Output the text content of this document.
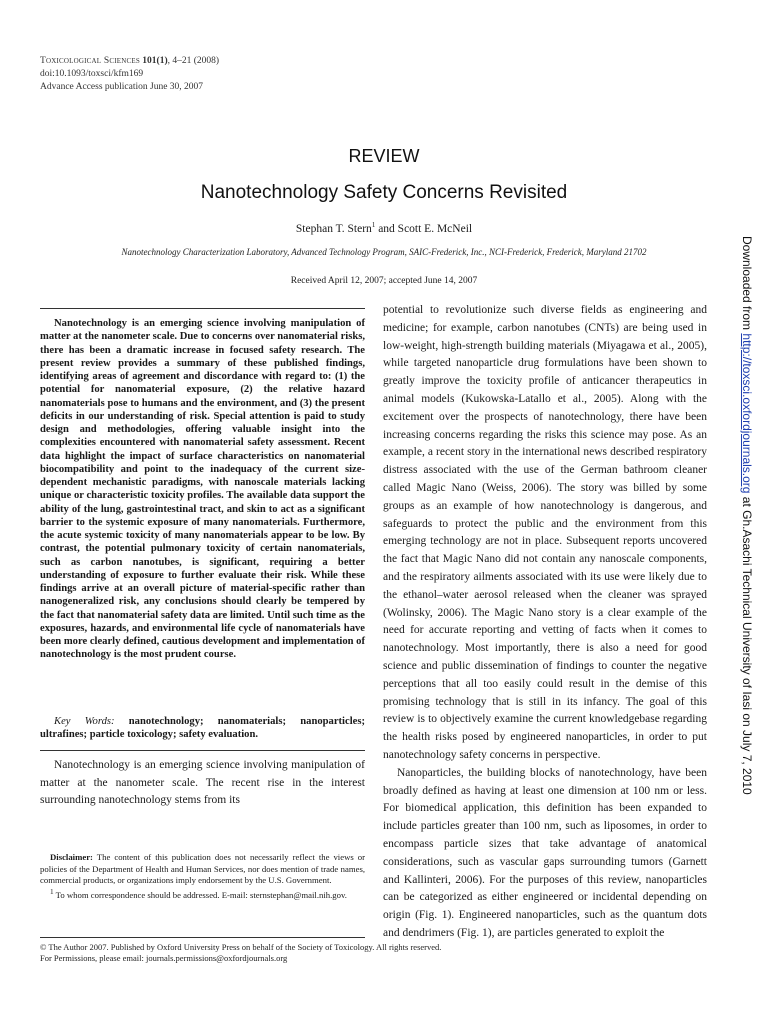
Toxicological Sciences 101(1), 4–21 (2008)
doi:10.1093/toxsci/kfm169
Advance Access publication June 30, 2007
REVIEW
Nanotechnology Safety Concerns Revisited
Stephan T. Stern$^1$ and Scott E. McNeil
Nanotechnology Characterization Laboratory, Advanced Technology Program, SAIC-Frederick, Inc., NCI-Frederick, Frederick, Maryland 21702
Received April 12, 2007; accepted June 14, 2007

Nanotechnology is an emerging science involving manipulation of matter at the nanometer scale. Due to concerns over nanomaterial risks, there has been a dramatic increase in focused safety research. The present review provides a summary of these published findings, identifying areas of agreement and discordance with regard to: (1) the potential for nanomaterial exposure, (2) the relative hazard nanomaterials pose to humans and the environment, and (3) the present deficits in our understanding of risk. Special attention is paid to study design and methodologies, offering valuable insight into the complexities encountered with nanomaterial safety assessment. Recent data highlight the impact of surface characteristics on nanomaterial biocompatibility and point to the inadequacy of the current size-dependent mechanistic paradigms, with nanoscale materials lacking unique or characteristic toxicity profiles. The available data support the ability of the lung, gastrointestinal tract, and skin to act as a significant barrier to the systemic exposure of many nanomaterials. Furthermore, the acute systemic toxicity of many nanomaterials appear to be low. By contrast, the potential pulmonary toxicity of certain nanomaterials, such as carbon nanotubes, is significant, requiring a better understanding of exposure to further evaluate their risk. While these findings arrive at an overall picture of material-specific rather than nanogeneralized risk, any conclusions should clearly be tempered by the fact that nanomaterial safety data are limited. Until such time as the exposures, hazards, and environmental life cycle of nanomaterials have been more clearly defined, cautious development and implementation of nanotechnology is the most prudent course.

Key Words: nanotechnology; nanomaterials; nanoparticles; ultrafines; particle toxicology; safety evaluation.

Nanotechnology is an emerging science involving manipulation of matter at the nanometer scale. The recent rise in the interest surrounding nanotechnology stems from its

Disclaimer: The content of this publication does not necessarily reflect the views or policies of the Department of Health and Human Services, nor does mention of trade names, commercial products, or organizations imply endorsement by the U.S. Government.

$^1$ To whom correspondence should be addressed. E-mail: sternstephan@mail.nih.gov.

potential to revolutionize such diverse fields as engineering and medicine; for example, carbon nanotubes (CNTs) are being used in low-weight, high-strength building materials (Miyagawa et al., 2005), while targeted nanoparticle drug formulations have been shown to greatly improve the toxicity profile of anticancer therapeutics in animal models (Kukowska-Latallo et al., 2005). Along with the excitement over the prospects of nanotechnology, there have been increasing concerns regarding the risks this science may pose. As an example, a recent story in the international news described respiratory distress associated with the use of the German bathroom cleaner called Magic Nano (Weiss, 2006). The story was billed by some groups as an example of how nanotechnology is dangerous, and safeguards to protect the public and the environment from this emerging technology are not in place. Subsequent reports uncovered the fact that Magic Nano did not contain any nanoscale components, and the respiratory ailments associated with its use were likely due to the ethanol–water aerosol released when the cleaner was sprayed (Wolinsky, 2006). The Magic Nano story is a clear example of the need for accurate reporting and vetting of facts when it comes to nanotechnology. Most importantly, there is also a need for good science and public dissemination of findings to counter the negative perceptions that all too easily could result in the demise of this promising technology that is still in its infancy. The goal of this review is to objectively examine the current knowledgebase regarding the health risks posed by engineered nanoparticles, in order to put nanotechnology safety concerns in perspective.

Nanoparticles, the building blocks of nanotechnology, have been broadly defined as having at least one dimension at 100 nm or less. For biomedical application, this definition has been expanded to include particles greater than 100 nm, such as liposomes, in order to encompass particle sizes that take advantage of anatomical considerations, such as vascular gaps surrounding tumors (Garnett and Kallinteri, 2006). For the purposes of this review, nanoparticles can be categorized as either engineered or incidental depending on origin (Fig. 1). Engineered nanoparticles, such as the quantum dots and dendrimers (Fig. 1), are particles generated to exploit the

© The Author 2007. Published by Oxford University Press on behalf of the Society of Toxicology. All rights reserved.
For Permissions, please email: journals.permissions@oxfordjournals.org
Downloaded from http://toxsci.oxfordjournals.org at Gh.Asachi Technical University of Iasi on July 7, 2010
